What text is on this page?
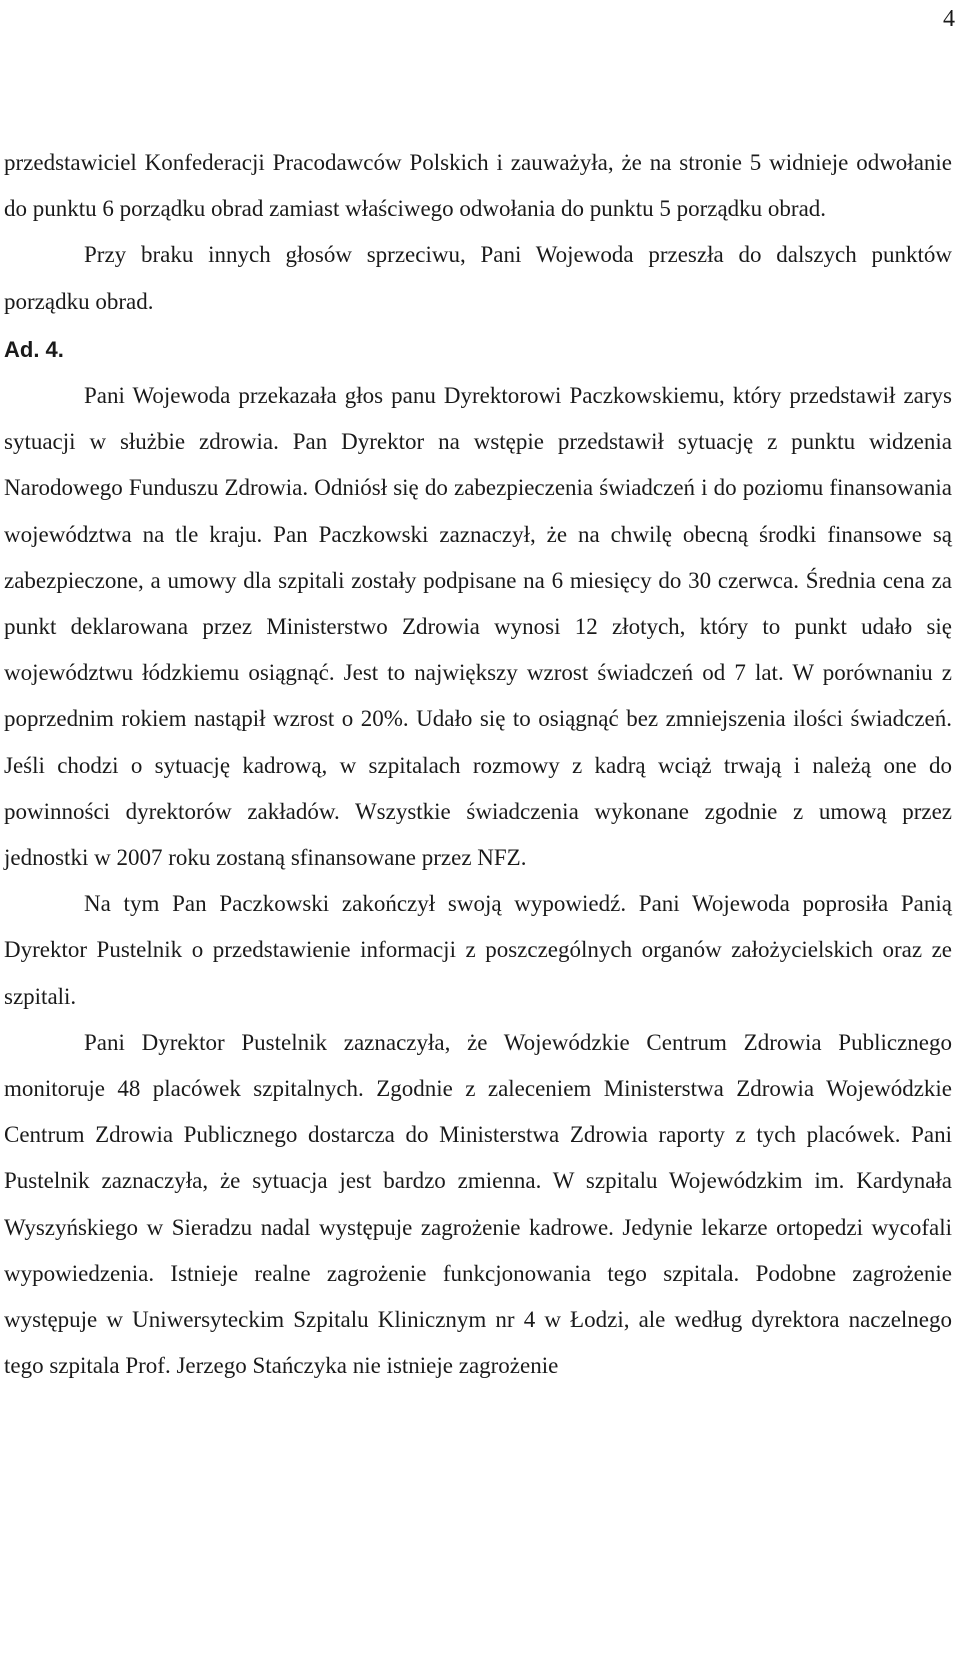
4

przedstawiciel Konfederacji Pracodawców Polskich i zauważyła, że na stronie 5 widnieje odwołanie do punktu 6 porządku obrad zamiast właściwego odwołania do punktu 5 porządku obrad.

Przy braku innych głosów sprzeciwu, Pani Wojewoda przeszła do dalszych punktów porządku obrad.

Ad. 4.

Pani Wojewoda przekazała głos panu Dyrektorowi Paczkowskiemu, który przedstawił zarys sytuacji w służbie zdrowia. Pan Dyrektor na wstępie przedstawił sytuację z punktu widzenia Narodowego Funduszu Zdrowia. Odniósł się do zabezpieczenia świadczeń i do poziomu finansowania województwa na tle kraju. Pan Paczkowski zaznaczył, że na chwilę obecną środki finansowe są zabezpieczone, a umowy dla szpitali zostały podpisane na 6 miesięcy do 30 czerwca. Średnia cena za punkt deklarowana przez Ministerstwo Zdrowia wynosi 12 złotych, który to punkt udało się województwu łódzkiemu osiągnąć. Jest to największy wzrost świadczeń od 7 lat. W porównaniu z poprzednim rokiem nastąpił wzrost o 20%. Udało się to osiągnąć bez zmniejszenia ilości świadczeń. Jeśli chodzi o sytuację kadrową, w szpitalach rozmowy z kadrą wciąż trwają i należą one do powinności dyrektorów zakładów. Wszystkie świadczenia wykonane zgodnie z umową przez jednostki w 2007 roku zostaną sfinansowane przez NFZ.

Na tym Pan Paczkowski zakończył swoją wypowiedź. Pani Wojewoda poprosiła Panią Dyrektor Pustelnik o przedstawienie informacji z poszczególnych organów założycielskich oraz ze szpitali.

Pani Dyrektor Pustelnik zaznaczyła, że Wojewódzkie Centrum Zdrowia Publicznego monitoruje 48 placówek szpitalnych. Zgodnie z zaleceniem Ministerstwa Zdrowia Wojewódzkie Centrum Zdrowia Publicznego dostarcza do Ministerstwa Zdrowia raporty z tych placówek. Pani Pustelnik zaznaczyła, że sytuacja jest bardzo zmienna. W szpitalu Wojewódzkim im. Kardynała Wyszyńskiego w Sieradzu nadal występuje zagrożenie kadrowe. Jedynie lekarze ortopedzi wycofali wypowiedzenia. Istnieje realne zagrożenie funkcjonowania tego szpitala. Podobne zagrożenie występuje w Uniwersyteckim Szpitalu Klinicznym nr 4 w Łodzi, ale według dyrektora naczelnego tego szpitala Prof. Jerzego Stańczyka nie istnieje zagrożenie
